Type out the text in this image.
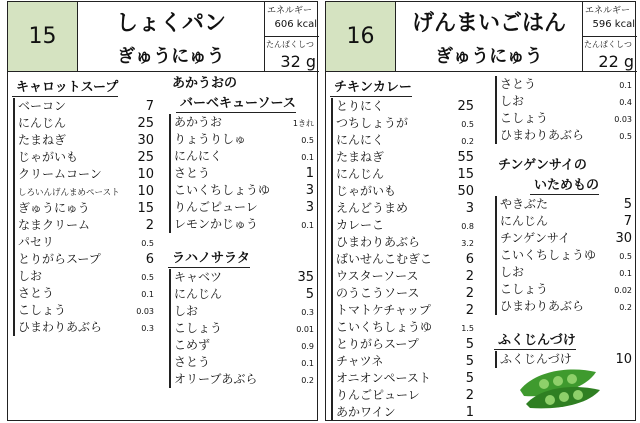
15
しょくパン
ぎゅうにゅう
エネルギー
606 kcal
たんぱくしつ
32 g
キャロットスープ
ベーコン	7
にんじん	25
たまねぎ	30
じゃがいも	25
クリームコーン	10
しろいんげんまめペースト 10
ぎゅうにゅう	15
なまクリーム	2
パセリ	0.5
とりがらスープ	6
しお	0.5
さとう	0.1
こしょう	0.03
ひまわりあぶら	0.3
あかうおの
バーベキューソース
あかうお	1きれ
りょうりしゅ	0.5
にんにく	0.1
さとう	1
こいくちしょうゆ	3
りんごピューレ	3
レモンかじゅう	0.1
ラハノサラタ
キャベツ	35
にんじん	5
しお	0.3
こしょう	0.01
こめず	0.9
さとう	0.1
オリーブあぶら	0.2
16
げんまいごはん
ぎゅうにゅう
エネルギー
596 kcal
たんぱくしつ
22 g
チキンカレー
とりにく	25
つちしょうが	0.5
にんにく	0.2
たまねぎ	55
にんじん	15
じゃがいも	50
えんどうまめ	3
カレーこ	0.8
ひまわりあぶら	3.2
ばいせんこむぎこ	6
ウスターソース	2
のうこうソース	2
トマトケチャップ	2
こいくちしょうゆ	1.5
とりがらスープ	5
チャツネ	5
オニオンペースト	5
りんごピューレ	2
あかワイン	1
さとう	0.1
しお	0.4
こしょう	0.03
ひまわりあぶら	0.5
チンゲンサイの
いためもの
やきぶた	5
にんじん	7
チンゲンサイ	30
こいくちしょうゆ	0.5
しお	0.1
こしょう	0.02
ひまわりあぶら	0.2
ふくじんづけ
ふくじんづけ	10
